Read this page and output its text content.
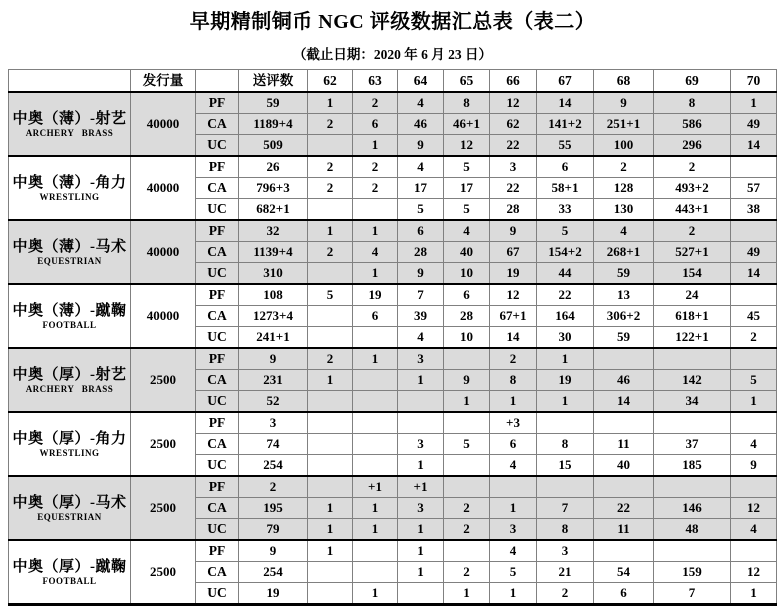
早期精制铜币 NGC 评级数据汇总表（表二）
（截止日期：2020 年 6 月 23 日）
	发行量		送评数	62	63	64	65	66	67	68	69	70

中奥（薄）-射艺
ARCHERY BRASS	40000	PF	59	1	2	4	8	12	14	9	8	1
		CA	1189+4	2	6	46	46+1	62	141+2	251+1	586	49
		UC	509		1	9	12	22	55	100	296	14

中奥（薄）-角力
WRESTLING	40000	PF	26	2	2	4	5	3	6	2	2	
		CA	796+3	2	2	17	17	22	58+1	128	493+2	57
		UC	682+1			5	5	28	33	130	443+1	38

中奥（薄）-马术
EQUESTRIAN	40000	PF	32	1	1	6	4	9	5	4	2	
		CA	1139+4	2	4	28	40	67	154+2	268+1	527+1	49
		UC	310		1	9	10	19	44	59	154	14

中奥（薄）-蹴鞠
FOOTBALL	40000	PF	108	5	19	7	6	12	22	13	24	
		CA	1273+4		6	39	28	67+1	164	306+2	618+1	45
		UC	241+1			4	10	14	30	59	122+1	2

中奥（厚）-射艺
ARCHERY BRASS	2500	PF	9	2	1	3		2	1			
		CA	231	1		1	9	8	19	46	142	5
		UC	52				1	1	1	14	34	1

中奥（厚）-角力
WRESTLING	2500	PF	3					+3				
		CA	74			3	5	6	8	11	37	4
		UC	254			1		4	15	40	185	9

中奥（厚）-马术
EQUESTRIAN	2500	PF	2		+1	+1						
		CA	195	1	1	3	2	1	7	22	146	12
		UC	79	1	1	1	2	3	8	11	48	4

中奥（厚）-蹴鞠
FOOTBALL	2500	PF	9	1		1		4	3			
		CA	254			1	2	5	21	54	159	12
		UC	19		1		1	1	2	6	7	1
